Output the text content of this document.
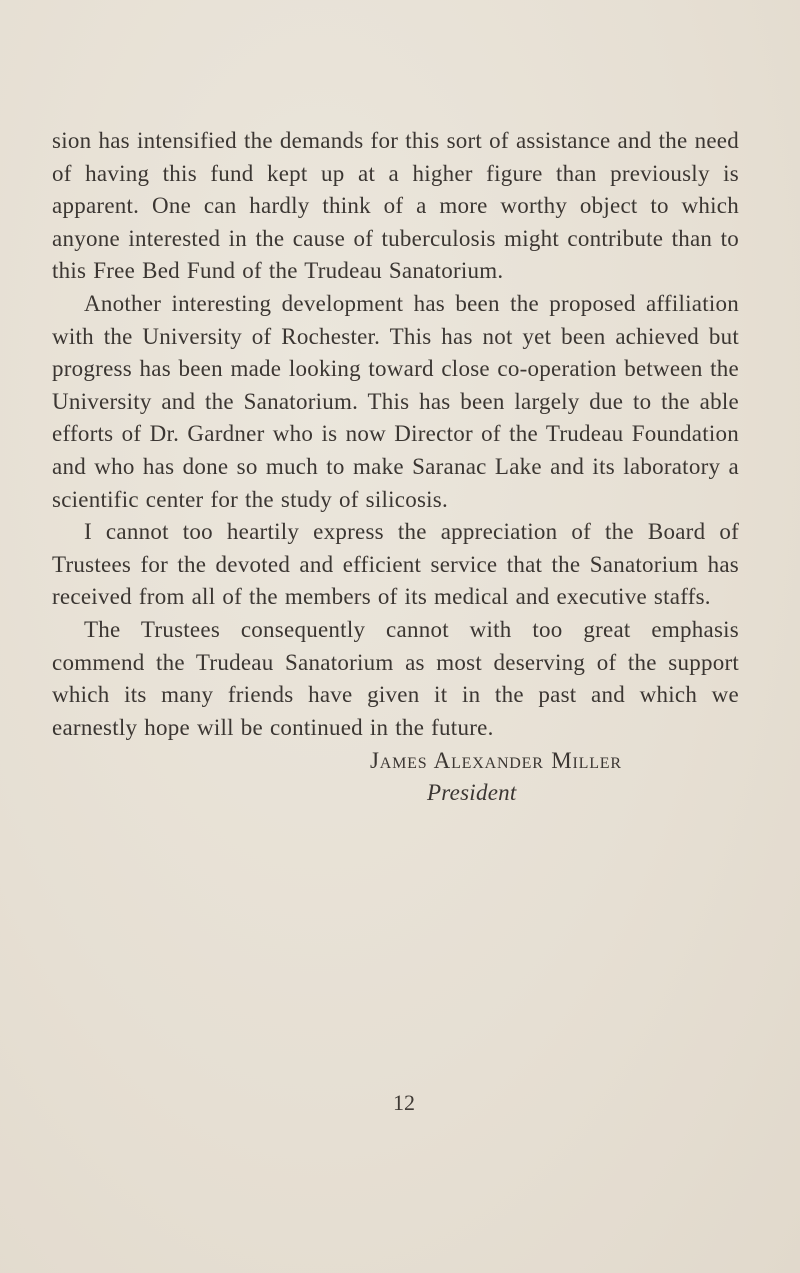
sion has intensified the demands for this sort of assistance and the need of having this fund kept up at a higher figure than previously is apparent. One can hardly think of a more worthy object to which anyone interested in the cause of tuberculosis might contribute than to this Free Bed Fund of the Trudeau Sanatorium.

Another interesting development has been the proposed affiliation with the University of Rochester. This has not yet been achieved but progress has been made looking toward close co-operation between the University and the Sanatorium. This has been largely due to the able efforts of Dr. Gardner who is now Director of the Trudeau Foundation and who has done so much to make Saranac Lake and its laboratory a scientific center for the study of silicosis.

I cannot too heartily express the appreciation of the Board of Trustees for the devoted and efficient service that the Sanatorium has received from all of the members of its medical and executive staffs.

The Trustees consequently cannot with too great emphasis commend the Trudeau Sanatorium as most deserving of the support which its many friends have given it in the past and which we earnestly hope will be continued in the future.

James Alexander Miller

President

12
